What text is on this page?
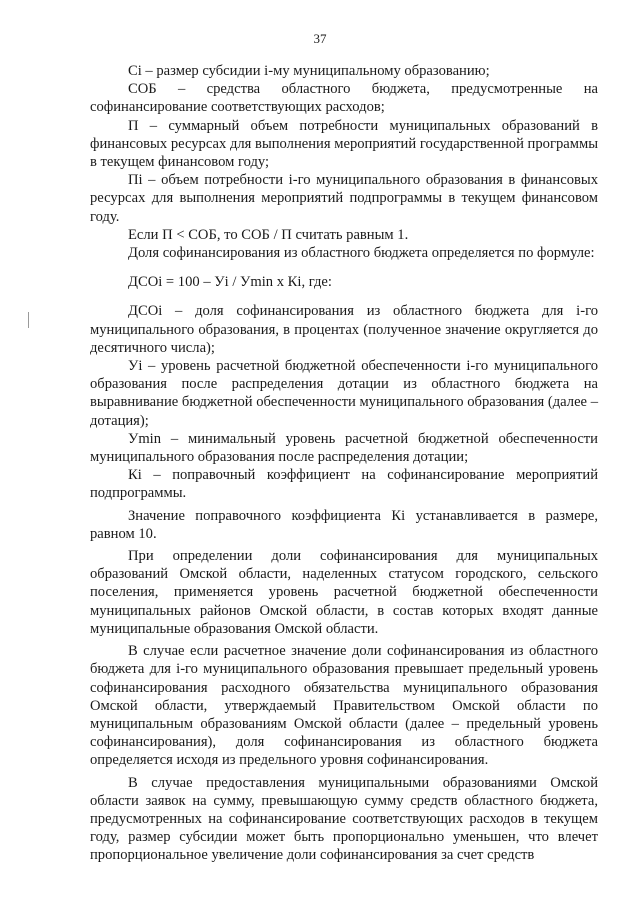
37

Ci – размер субсидии i-му муниципальному образованию;

СОБ – средства областного бюджета, предусмотренные на софинансирование соответствующих расходов;

П – суммарный объем потребности муниципальных образований в финансовых ресурсах для выполнения мероприятий государственной программы в текущем финансовом году;

Пi – объем потребности i-го муниципального образования в финансовых ресурсах для выполнения мероприятий подпрограммы в текущем финансовом году.

Если П < СОБ, то СОБ / П считать равным 1.

Доля софинансирования из областного бюджета определяется по формуле:

ДСОi = 100 – Уi / Уmin x Кi, где:

ДСОi – доля софинансирования из областного бюджета для i-го муниципального образования, в процентах (полученное значение округляется до десятичного числа);

Уi – уровень расчетной бюджетной обеспеченности i-го муниципального образования после распределения дотации из областного бюджета на выравнивание бюджетной обеспеченности муниципального образования (далее – дотация);

Уmin – минимальный уровень расчетной бюджетной обеспеченности муниципального образования после распределения дотации;

Кi – поправочный коэффициент на софинансирование мероприятий подпрограммы.

Значение поправочного коэффициента Кi устанавливается в размере, равном 10.

При определении доли софинансирования для муниципальных образований Омской области, наделенных статусом городского, сельского поселения, применяется уровень расчетной бюджетной обеспеченности муниципальных районов Омской области, в состав которых входят данные муниципальные образования Омской области.

В случае если расчетное значение доли софинансирования из областного бюджета для i-го муниципального образования превышает предельный уровень софинансирования расходного обязательства муниципального образования Омской области, утверждаемый Правительством Омской области по муниципальным образованиям Омской области (далее – предельный уровень софинансирования), доля софинансирования из областного бюджета определяется исходя из предельного уровня софинансирования.

В случае предоставления муниципальными образованиями Омской области заявок на сумму, превышающую сумму средств областного бюджета, предусмотренных на софинансирование соответствующих расходов в текущем году, размер субсидии может быть пропорционально уменьшен, что влечет пропорциональное увеличение доли софинансирования за счет средств
